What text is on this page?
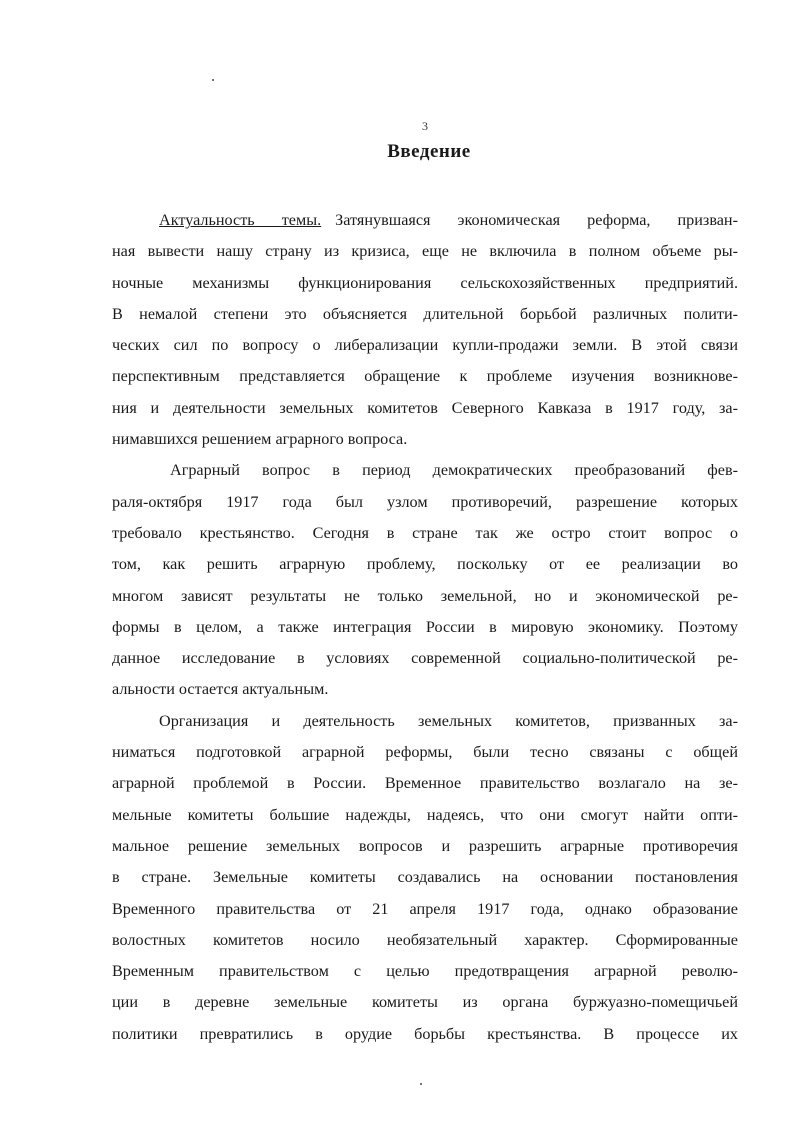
3
Введение

Актуальность темы. Затянувшаяся экономическая реформа, призван-
ная вывести нашу страну из кризиса, еще не включила в полном объеме ры-
ночные механизмы функционирования сельскохозяйственных предприятий.
В немалой степени это объясняется длительной борьбой различных полити-
ческих сил по вопросу о либерализации купли-продажи земли. В этой связи
перспективным представляется обращение к проблеме изучения возникнове-
ния и деятельности земельных комитетов Северного Кавказа в 1917 году, за-
нимавшихся решением аграрного вопроса.

Аграрный вопрос в период демократических преобразований фев-
раля-октября 1917 года был узлом противоречий, разрешение которых
требовало крестьянство. Сегодня в стране так же остро стоит вопрос о
том, как решить аграрную проблему, поскольку от ее реализации во
многом зависят результаты не только земельной, но и экономической ре-
формы в целом, а также интеграция России в мировую экономику. Поэтому
данное исследование в условиях современной социально-политической ре-
альности остается актуальным.

Организация и деятельность земельных комитетов, призванных за-
ниматься подготовкой аграрной реформы, были тесно связаны с общей
аграрной проблемой в России. Временное правительство возлагало на зе-
мельные комитеты большие надежды, надеясь, что они смогут найти опти-
мальное решение земельных вопросов и разрешить аграрные противоречия
в стране. Земельные комитеты создавались на основании постановления
Временного правительства от 21 апреля 1917 года, однако образование
волостных комитетов носило необязательный характер. Сформированные
Временным правительством с целью предотвращения аграрной револю-
ции в деревне земельные комитеты из органа буржуазно-помещичьей
политики превратились в орудие борьбы крестьянства. В процессе их
